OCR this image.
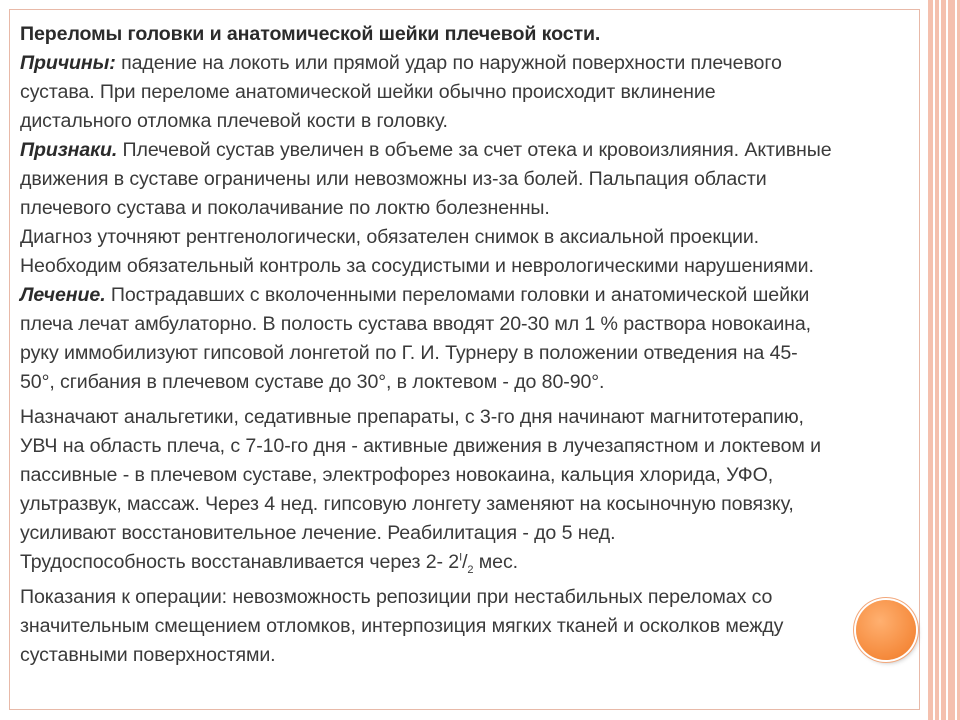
Переломы головки и анатомической шейки плечевой кости.

Причины: падение на локоть или прямой удар по наружной поверхности плечевого
сустава. При переломе анатомической шейки обычно происходит вклинение
дистального отломка плечевой кости в головку.

Признаки. Плечевой сустав увеличен в объеме за счет отека и кровоизлияния. Активные
движения в суставе ограничены или невозможны из-за болей. Пальпация области
плечевого сустава и поколачивание по локтю болезненны.

Диагноз уточняют рентгенологически, обязателен снимок в аксиальной проекции.
Необходим обязательный контроль за сосудистыми и неврологическими нарушениями.

Лечение. Пострадавших с вколоченными переломами головки и анатомической шейки
плеча лечат амбулаторно. В полость сустава вводят 20-30 мл 1 % раствора новокаина,
руку иммобилизуют гипсовой лонгетой по Г. И. Турнеру в положении отведения на 45-
50°, сгибания в плечевом суставе до 30°, в локтевом - до 80-90°.

Назначают анальгетики, седативные препараты, с 3-го дня начинают магнитотерапию,
УВЧ на область плеча, с 7-10-го дня - активные движения в лучезапястном и локтевом и
пассивные - в плечевом суставе, электрофорез новокаина, кальция хлорида, УФО,
ультразвук, массаж. Через 4 нед. гипсовую лонгету заменяют на косыночную повязку,
усиливают восстановительное лечение. Реабилитация - до 5 нед.

Трудоспособность восстанавливается через 2- $2^I/_2$ мес.

Показания к операции: невозможность репозиции при нестабильных переломах со
значительным смещением отломков, интерпозиция мягких тканей и осколков между
суставными поверхностями.
